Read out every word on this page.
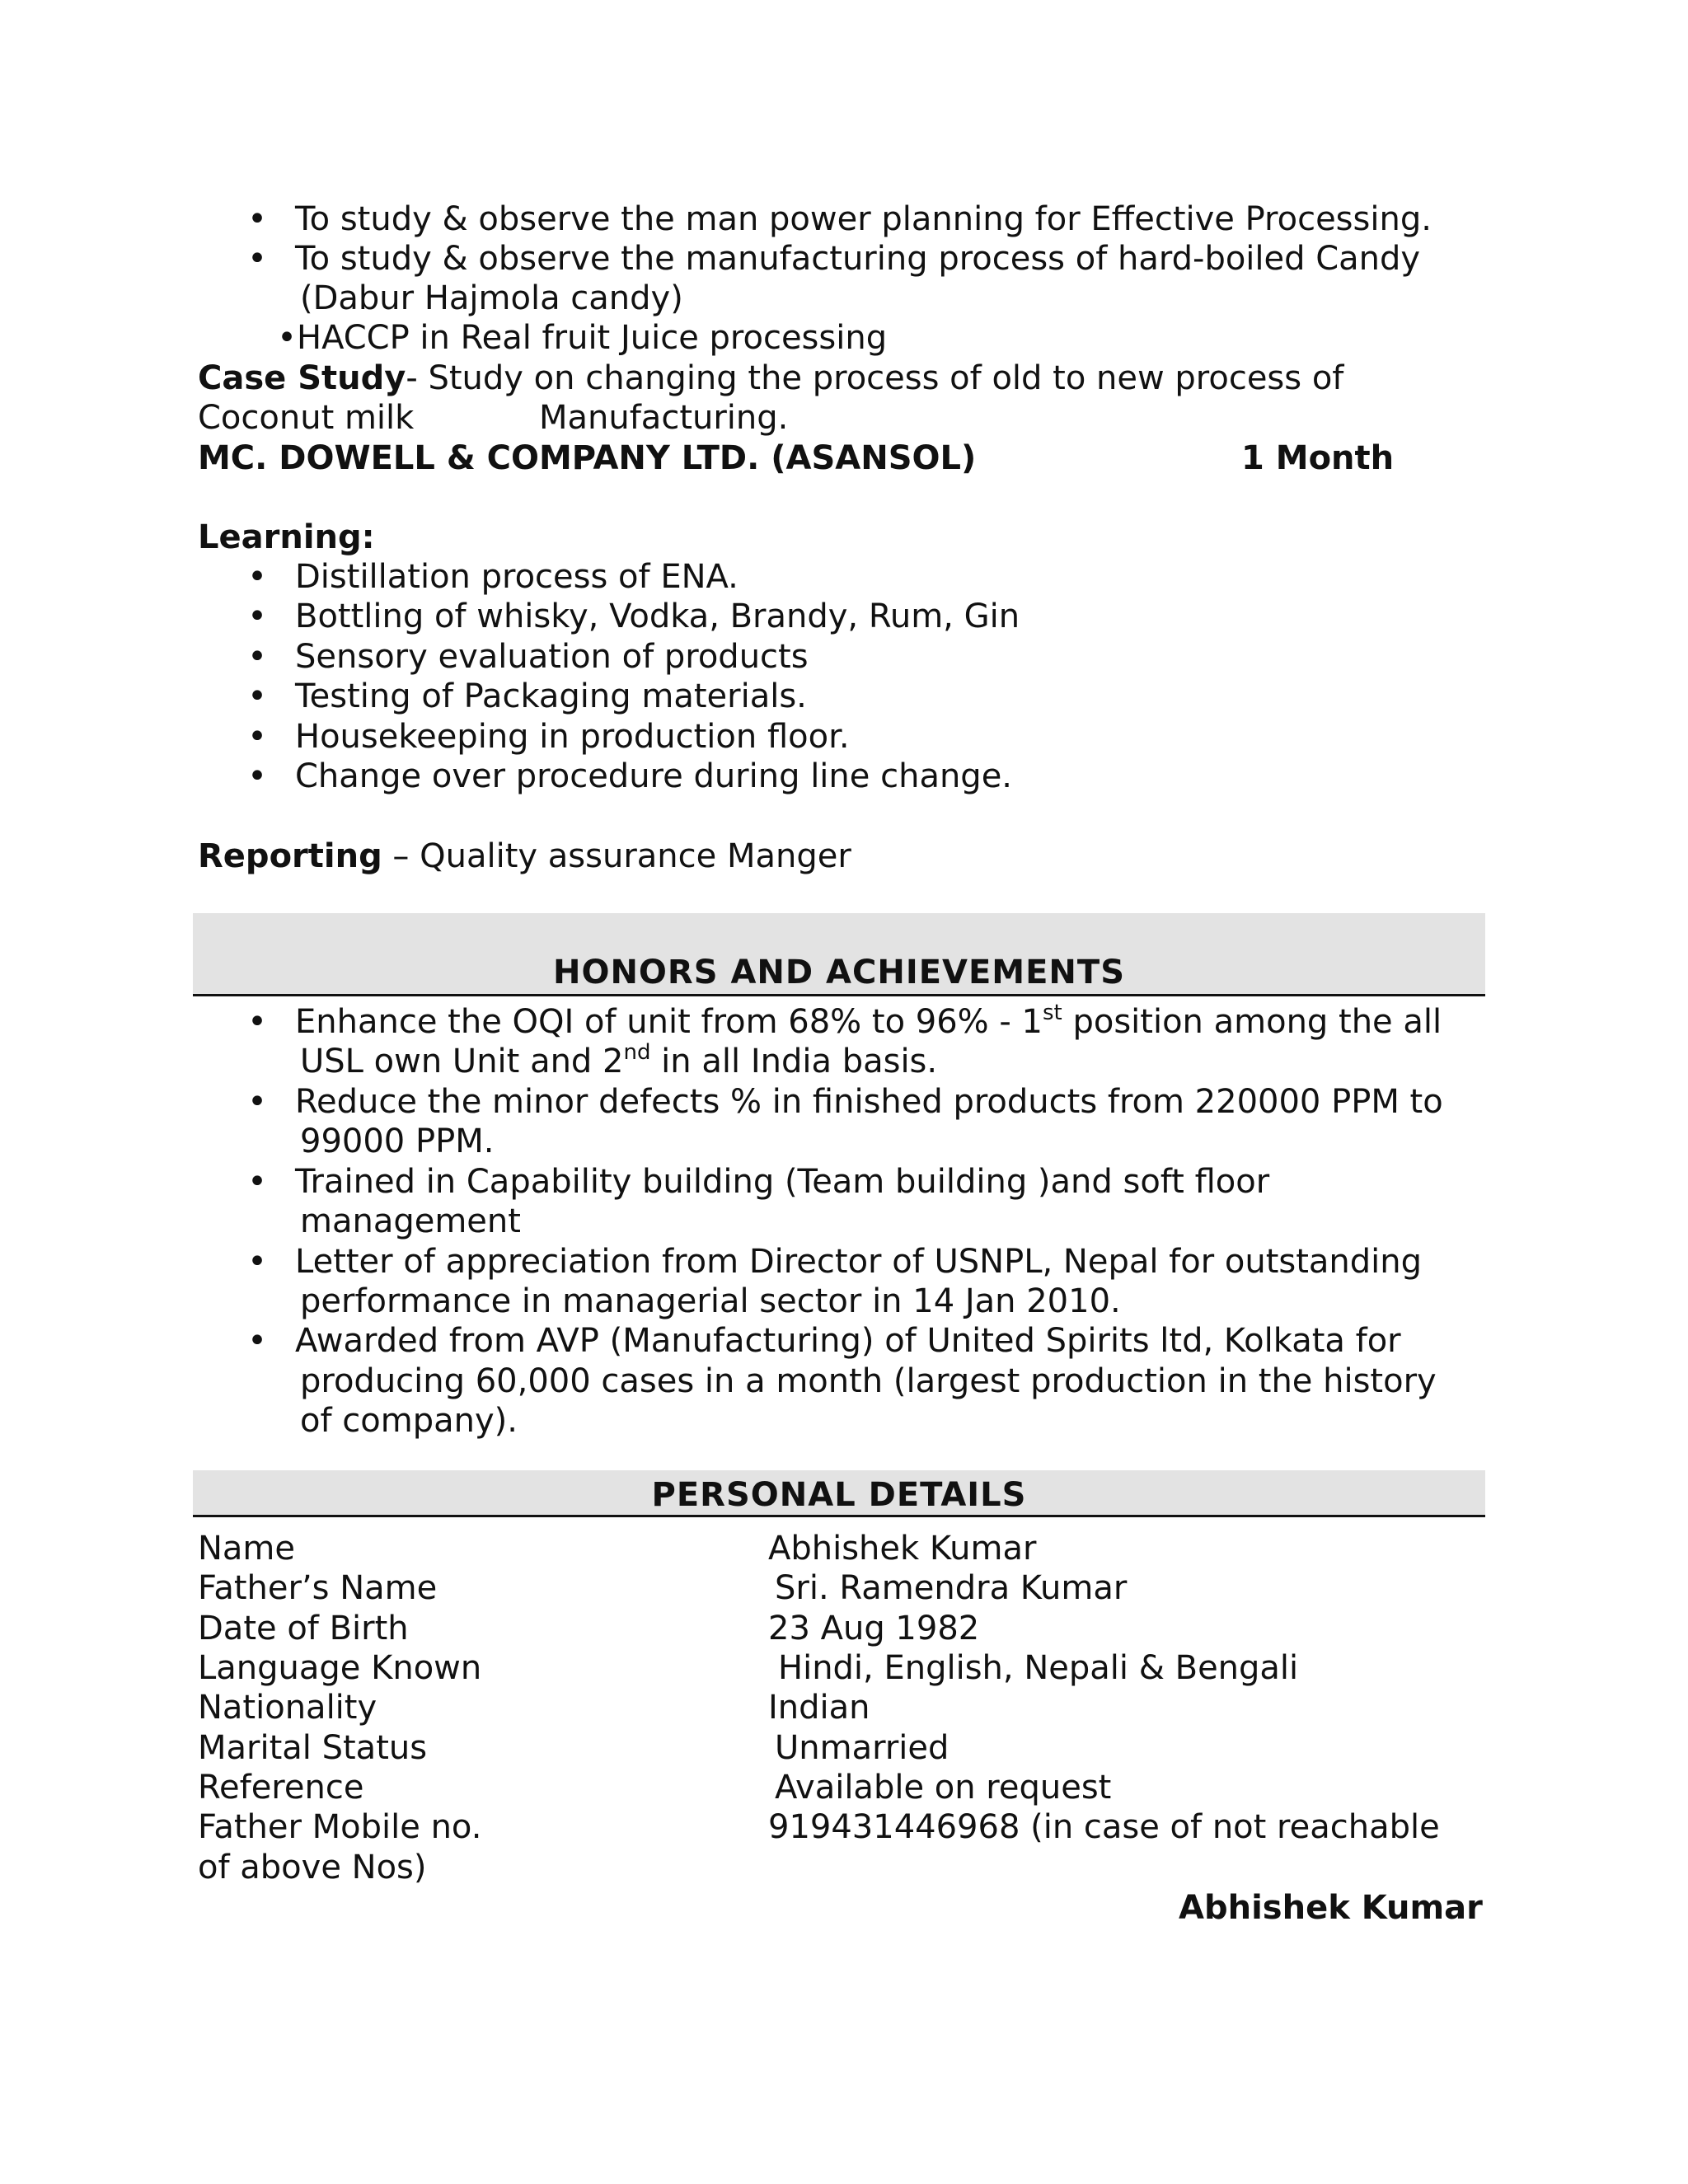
• To study & observe the man power planning for Effective Processing.
• To study & observe the manufacturing process of hard-boiled Candy
(Dabur Hajmola candy)
• HACCP in Real fruit Juice processing
Case Study- Study on changing the process of old to new process of
Coconut milk	Manufacturing.
MC. DOWELL & COMPANY LTD. (ASANSOL)	1 Month
Learning:
• Distillation process of ENA.
• Bottling of whisky, Vodka, Brandy, Rum, Gin
• Sensory evaluation of products
• Testing of Packaging materials.
• Housekeeping in production floor.
• Change over procedure during line change.
Reporting – Quality assurance Manger
HONORS AND ACHIEVEMENTS
• Enhance the OQI of unit from 68% to 96% - 1st position among the all
USL own Unit and 2nd in all India basis.
• Reduce the minor defects % in finished products from 220000 PPM to
99000 PPM.
• Trained in Capability building (Team building )and soft floor
management
• Letter of appreciation from Director of USNPL, Nepal for outstanding
performance in managerial sector in 14 Jan 2010.
• Awarded from AVP (Manufacturing) of United Spirits ltd, Kolkata for
producing 60,000 cases in a month (largest production in the history
of company).
PERSONAL DETAILS
Name	Abhishek Kumar
Father’s Name	Sri. Ramendra Kumar
Date of Birth	23 Aug 1982
Language Known	Hindi, English, Nepali & Bengali
Nationality	Indian
Marital Status	Unmarried
Reference	Available on request
Father Mobile no.	919431446968 (in case of not reachable
of above Nos)
Abhishek Kumar
